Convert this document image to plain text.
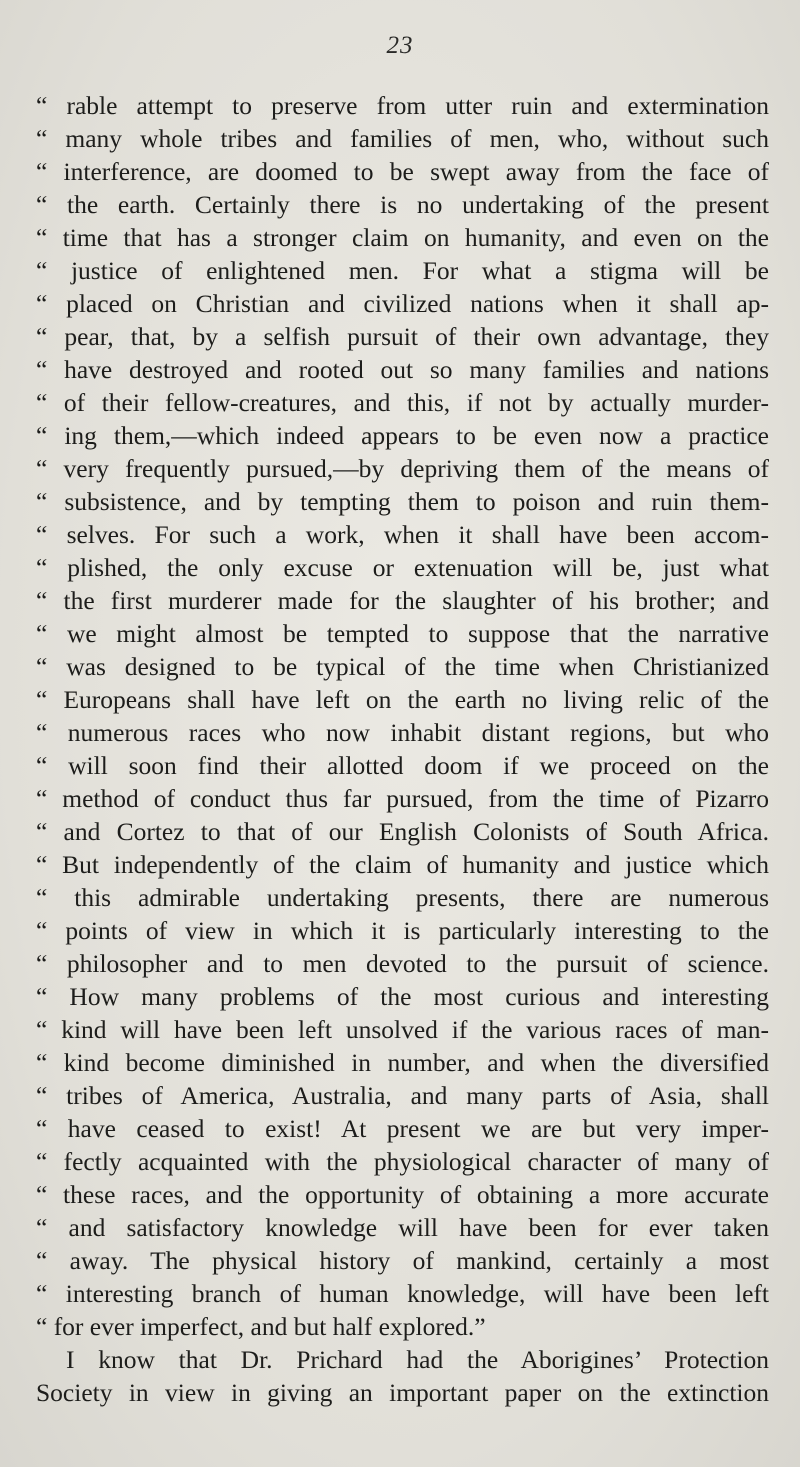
23
“ rable attempt to preserve from utter ruin and extermination
“ many whole tribes and families of men, who, without such
“ interference, are doomed to be swept away from the face of
“ the earth. Certainly there is no undertaking of the present
“ time that has a stronger claim on humanity, and even on the
“ justice of enlightened men. For what a stigma will be
“ placed on Christian and civilized nations when it shall ap-
“ pear, that, by a selfish pursuit of their own advantage, they
“ have destroyed and rooted out so many families and nations
“ of their fellow-creatures, and this, if not by actually murder-
“ ing them,—which indeed appears to be even now a practice
“ very frequently pursued,—by depriving them of the means of
“ subsistence, and by tempting them to poison and ruin them-
“ selves. For such a work, when it shall have been accom-
“ plished, the only excuse or extenuation will be, just what
“ the first murderer made for the slaughter of his brother; and
“ we might almost be tempted to suppose that the narrative
“ was designed to be typical of the time when Christianized
“ Europeans shall have left on the earth no living relic of the
“ numerous races who now inhabit distant regions, but who
“ will soon find their allotted doom if we proceed on the
“ method of conduct thus far pursued, from the time of Pizarro
“ and Cortez to that of our English Colonists of South Africa.
“ But independently of the claim of humanity and justice which
“ this admirable undertaking presents, there are numerous
“ points of view in which it is particularly interesting to the
“ philosopher and to men devoted to the pursuit of science.
“ How many problems of the most curious and interesting
“ kind will have been left unsolved if the various races of man-
“ kind become diminished in number, and when the diversified
“ tribes of America, Australia, and many parts of Asia, shall
“ have ceased to exist! At present we are but very imper-
“ fectly acquainted with the physiological character of many of
“ these races, and the opportunity of obtaining a more accurate
“ and satisfactory knowledge will have been for ever taken
“ away. The physical history of mankind, certainly a most
“ interesting branch of human knowledge, will have been left
“ for ever imperfect, and but half explored.”
I know that Dr. Prichard had the Aborigines’ Protection
Society in view in giving an important paper on the extinction
